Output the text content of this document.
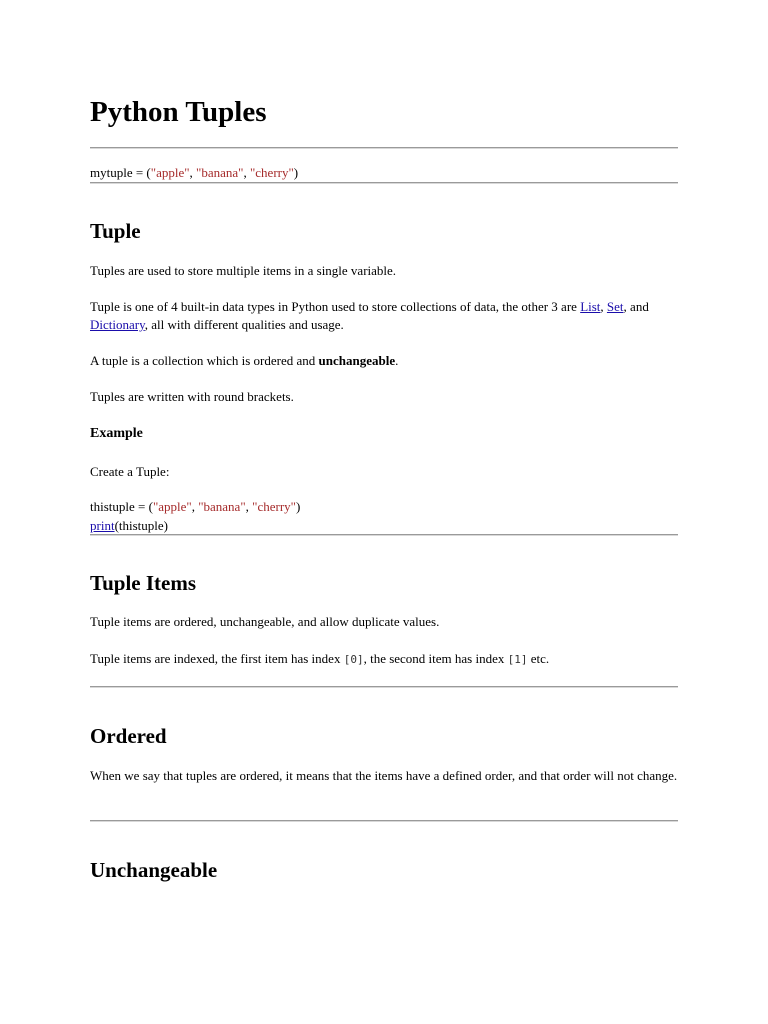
Python Tuples
mytuple = ("apple", "banana", "cherry")
Tuple

Tuples are used to store multiple items in a single variable.

Tuple is one of 4 built-in data types in Python used to store collections of data, the other 3 are List, Set, and Dictionary, all with different qualities and usage.

A tuple is a collection which is ordered and unchangeable.

Tuples are written with round brackets.

Example

Create a Tuple:

thistuple = ("apple", "banana", "cherry")
print(thistuple)
Tuple Items

Tuple items are ordered, unchangeable, and allow duplicate values.

Tuple items are indexed, the first item has index [0], the second item has index [1] etc.

Ordered

When we say that tuples are ordered, it means that the items have a defined order, and that order will not change.

Unchangeable
